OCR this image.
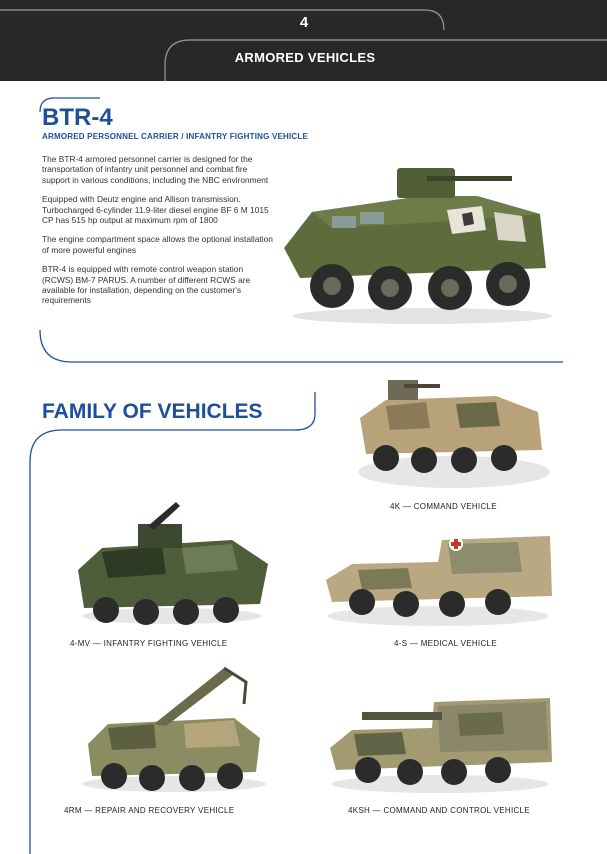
4
ARMORED VEHICLES
BTR-4
ARMORED PERSONNEL CARRIER / INFANTRY FIGHTING VEHICLE

The BTR-4 armored personnel carrier is designed for the transportation of infantry unit personnel and combat fire support in various conditions, including the NBC environment

Equipped with Deutz engine and Allison transmission. Turbocharged 6-cylinder 11.9-liter diesel engine BF 6 M 1015 CP has 515 hp output at maximum rpm of 1800

The engine compartment space allows the optional installation of more powerful engines

BTR-4 is equipped with remote control weapon station (RCWS) BM-7 PARUS. A number of different RCWS are available for installation, depending on the customer's requirements

FAMILY OF VEHICLES
4K — COMMAND VEHICLE
4-MV — INFANTRY FIGHTING VEHICLE	4-S — MEDICAL VEHICLE
4RM — REPAIR AND RECOVERY VEHICLE	4KSH — COMMAND AND CONTROL VEHICLE
